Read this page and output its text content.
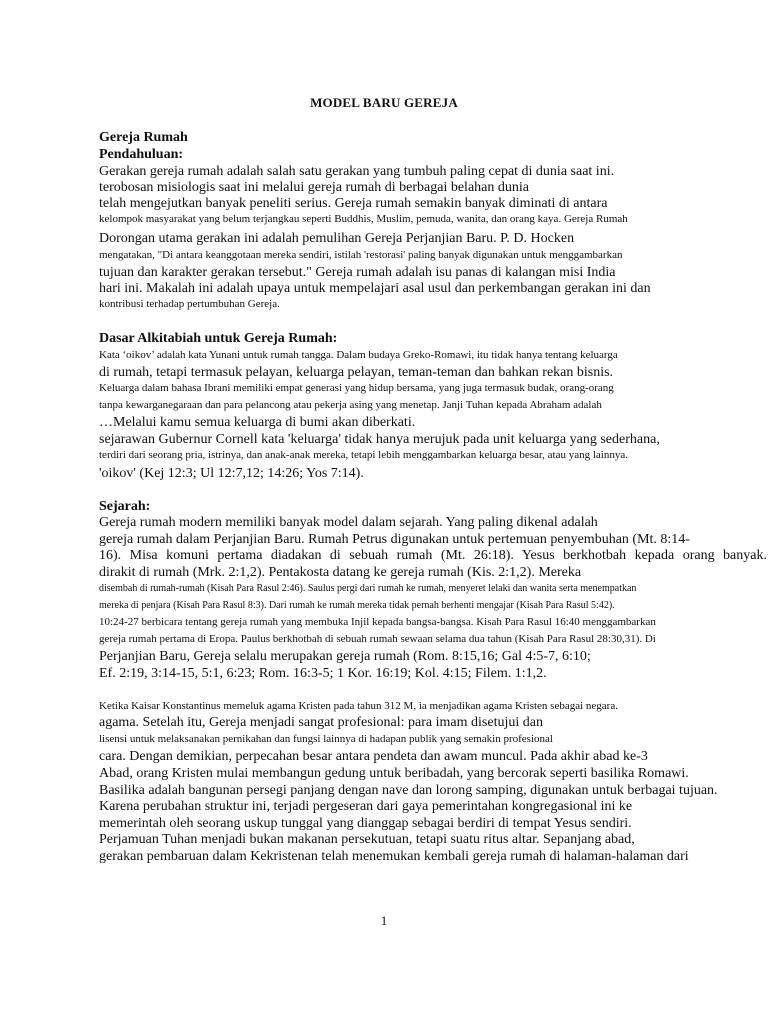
MODEL BARU GEREJA
Gereja Rumah
Pendahuluan:
Gerakan gereja rumah adalah salah satu gerakan yang tumbuh paling cepat di dunia saat ini.
terobosan misiologis saat ini melalui gereja rumah di berbagai belahan dunia
telah mengejutkan banyak peneliti serius. Gereja rumah semakin banyak diminati di antara
kelompok masyarakat yang belum terjangkau seperti Buddhis, Muslim, pemuda, wanita, dan orang kaya. Gereja Rumah
Dorongan utama gerakan ini adalah pemulihan Gereja Perjanjian Baru. P. D. Hocken
mengatakan, "Di antara keanggotaan mereka sendiri, istilah 'restorasi' paling banyak digunakan untuk menggambarkan
tujuan dan karakter gerakan tersebut." Gereja rumah adalah isu panas di kalangan misi India
hari ini. Makalah ini adalah upaya untuk mempelajari asal usul dan perkembangan gerakan ini dan
kontribusi terhadap pertumbuhan Gereja.
Dasar Alkitabiah untuk Gereja Rumah:
Kata ‘oikov’ adalah kata Yunani untuk rumah tangga. Dalam budaya Greko-Romawi, itu tidak hanya tentang keluarga
di rumah, tetapi termasuk pelayan, keluarga pelayan, teman-teman dan bahkan rekan bisnis.
Keluarga dalam bahasa Ibrani memiliki empat generasi yang hidup bersama, yang juga termasuk budak, orang-orang
tanpa kewarganegaraan dan para pelancong atau pekerja asing yang menetap. Janji Tuhan kepada Abraham adalah
…Melalui kamu semua keluarga di bumi akan diberkati.
sejarawan Gubernur Cornell kata 'keluarga' tidak hanya merujuk pada unit keluarga yang sederhana,
terdiri dari seorang pria, istrinya, dan anak-anak mereka, tetapi lebih menggambarkan keluarga besar, atau yang lainnya.
'oikov' (Kej 12:3; Ul 12:7,12; 14:26; Yos 7:14).
Sejarah:
Gereja rumah modern memiliki banyak model dalam sejarah. Yang paling dikenal adalah
gereja rumah dalam Perjanjian Baru. Rumah Petrus digunakan untuk pertemuan penyembuhan (Mt. 8:14-
16). Misa komuni pertama diadakan di sebuah rumah (Mt. 26:18). Yesus berkhotbah kepada orang banyak.
dirakit di rumah (Mrk. 2:1,2). Pentakosta datang ke gereja rumah (Kis. 2:1,2). Mereka
disembah di rumah-rumah (Kisah Para Rasul 2:46). Saulus pergi dari rumah ke rumah, menyeret lelaki dan wanita serta menempatkan
mereka di penjara (Kisah Para Rasul 8:3). Dari rumah ke rumah mereka tidak pernah berhenti mengajar (Kisah Para Rasul 5:42).
10:24-27 berbicara tentang gereja rumah yang membuka Injil kepada bangsa-bangsa. Kisah Para Rasul 16:40 menggambarkan
gereja rumah pertama di Eropa. Paulus berkhotbah di sebuah rumah sewaan selama dua tahun (Kisah Para Rasul 28:30,31). Di
Perjanjian Baru, Gereja selalu merupakan gereja rumah (Rom. 8:15,16; Gal 4:5-7, 6:10;
Ef. 2:19, 3:14-15, 5:1, 6:23; Rom. 16:3-5; 1 Kor. 16:19; Kol. 4:15; Filem. 1:1,2.
Ketika Kaisar Konstantinus memeluk agama Kristen pada tahun 312 M, ia menjadikan agama Kristen sebagai negara.
agama. Setelah itu, Gereja menjadi sangat profesional: para imam disetujui dan
lisensi untuk melaksanakan pernikahan dan fungsi lainnya di hadapan publik yang semakin profesional
cara. Dengan demikian, perpecahan besar antara pendeta dan awam muncul. Pada akhir abad ke-3
Abad, orang Kristen mulai membangun gedung untuk beribadah, yang bercorak seperti basilika Romawi.
Basilika adalah bangunan persegi panjang dengan nave dan lorong samping, digunakan untuk berbagai tujuan.
Karena perubahan struktur ini, terjadi pergeseran dari gaya pemerintahan kongregasional ini ke
memerintah oleh seorang uskup tunggal yang dianggap sebagai berdiri di tempat Yesus sendiri.
Perjamuan Tuhan menjadi bukan makanan persekutuan, tetapi suatu ritus altar. Sepanjang abad,
gerakan pembaruan dalam Kekristenan telah menemukan kembali gereja rumah di halaman-halaman dari
1
